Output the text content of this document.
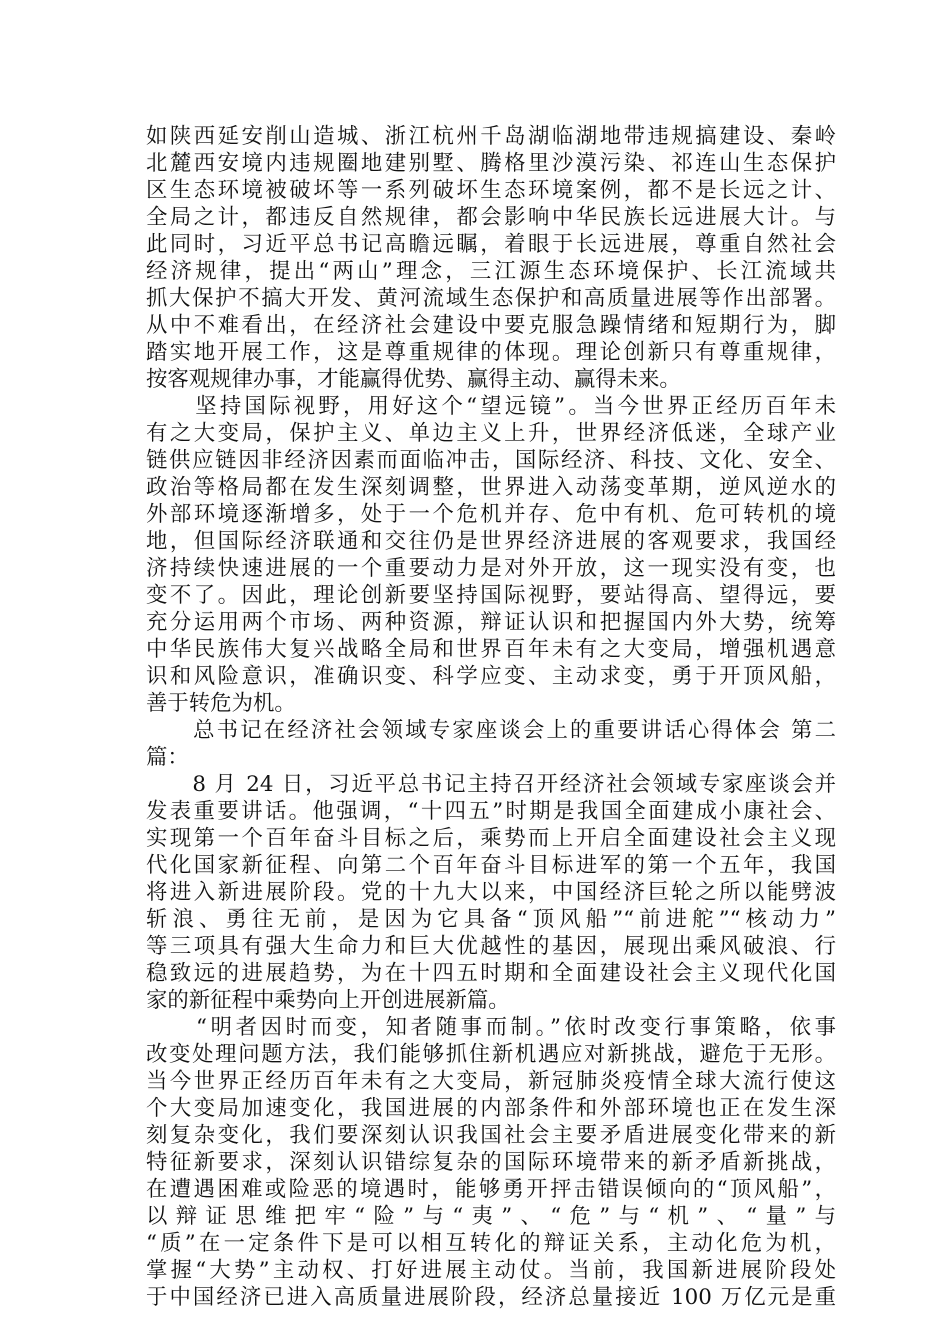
如陕西延安削山造城、浙江杭州千岛湖临湖地带违规搞建设、秦岭
北麓西安境内违规圈地建别墅、腾格里沙漠污染、祁连山生态保护
区生态环境被破坏等一系列破坏生态环境案例，都不是长远之计、
全局之计，都违反自然规律，都会影响中华民族长远进展大计。与
此同时，习近平总书记高瞻远瞩，着眼于长远进展，尊重自然社会
经济规律，提出“两山”理念，三江源生态环境保护、长江流域共
抓大保护不搞大开发、黄河流域生态保护和高质量进展等作出部署。
从中不难看出，在经济社会建设中要克服急躁情绪和短期行为，脚
踏实地开展工作，这是尊重规律的体现。理论创新只有尊重规律，
按客观规律办事，才能赢得优势、赢得主动、赢得未来。
　　坚持国际视野，用好这个“望远镜”。当今世界正经历百年未
有之大变局，保护主义、单边主义上升，世界经济低迷，全球产业
链供应链因非经济因素而面临冲击，国际经济、科技、文化、安全、
政治等格局都在发生深刻调整，世界进入动荡变革期，逆风逆水的
外部环境逐渐增多，处于一个危机并存、危中有机、危可转机的境
地，但国际经济联通和交往仍是世界经济进展的客观要求，我国经
济持续快速进展的一个重要动力是对外开放，这一现实没有变，也
变不了。因此，理论创新要坚持国际视野，要站得高、望得远，要
充分运用两个市场、两种资源，辩证认识和把握国内外大势，统筹
中华民族伟大复兴战略全局和世界百年未有之大变局，增强机遇意
识和风险意识，准确识变、科学应变、主动求变，勇于开顶风船，
善于转危为机。
　　总书记在经济社会领域专家座谈会上的重要讲话心得体会 第二
篇：
　　8 月 24 日，习近平总书记主持召开经济社会领域专家座谈会并
发表重要讲话。他强调，“十四五”时期是我国全面建成小康社会、
实现第一个百年奋斗目标之后，乘势而上开启全面建设社会主义现
代化国家新征程、向第二个百年奋斗目标进军的第一个五年，我国
将进入新进展阶段。党的十九大以来，中国经济巨轮之所以能劈波
斩浪、勇往无前，是因为它具备“顶风船”“前进舵”“核动力”
等三项具有强大生命力和巨大优越性的基因，展现出乘风破浪、行
稳致远的进展趋势，为在十四五时期和全面建设社会主义现代化国
家的新征程中乘势向上开创进展新篇。
　　“明者因时而变，知者随事而制。”依时改变行事策略，依事
改变处理问题方法，我们能够抓住新机遇应对新挑战，避危于无形。
当今世界正经历百年未有之大变局，新冠肺炎疫情全球大流行使这
个大变局加速变化，我国进展的内部条件和外部环境也正在发生深
刻复杂变化，我们要深刻认识我国社会主要矛盾进展变化带来的新
特征新要求，深刻认识错综复杂的国际环境带来的新矛盾新挑战，
在遭遇困难或险恶的境遇时，能够勇开抨击错误倾向的“顶风船”，
以辩证思维把牢“险”与“夷”、“危”与“机”、“量”与
“质”在一定条件下是可以相互转化的辩证关系，主动化危为机，
掌握“大势”主动权、打好进展主动仗。当前，我国新进展阶段处
于中国经济已进入高质量进展阶段，经济总量接近 100 万亿元是重
